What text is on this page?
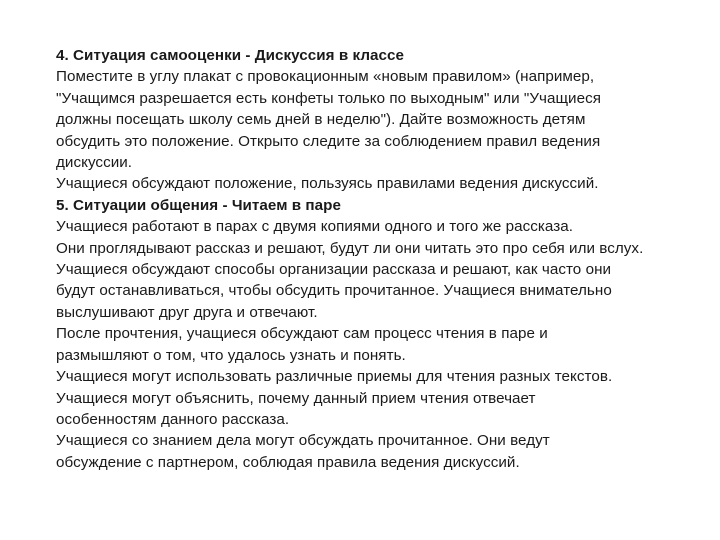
4. Ситуация самооценки - Дискуссия в классе
Поместите в углу плакат с провокационным «новым правилом» (например,
"Учащимся разрешается есть конфеты только по выходным" или "Учащиеся
должны посещать школу семь дней в неделю"). Дайте возможность детям
обсудить это положение. Открыто следите за соблюдением правил ведения
дискуссии.
Учащиеся обсуждают положение, пользуясь правилами ведения дискуссий.
5. Ситуации общения - Читаем в паре
Учащиеся работают в парах с двумя копиями одного и того же рассказа.
Они проглядывают рассказ и решают, будут ли они читать это про себя или вслух.
Учащиеся обсуждают способы организации рассказа и решают, как часто они
будут останавливаться, чтобы обсудить прочитанное. Учащиеся внимательно
выслушивают друг друга и отвечают.
После прочтения, учащиеся обсуждают сам процесс чтения в паре и
размышляют о том, что удалось узнать и понять.
Учащиеся могут использовать различные приемы для чтения разных текстов.
Учащиеся могут объяснить, почему данный прием чтения отвечает
особенностям данного рассказа.
Учащиеся со знанием дела могут обсуждать прочитанное. Они ведут
обсуждение с партнером, соблюдая правила ведения дискуссий.
